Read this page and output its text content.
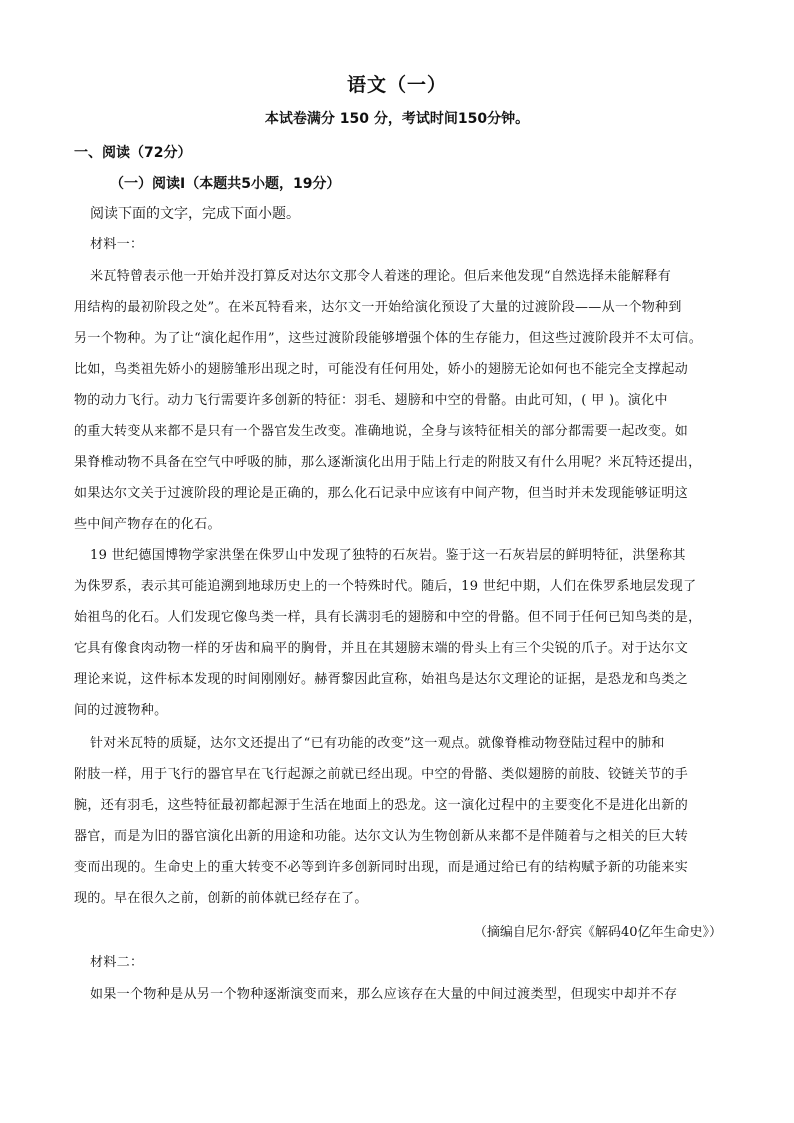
语文（一）
本试卷满分 150 分，考试时间150分钟。
一、阅读（72分）
（一）阅读Ⅰ（本题共5小题，19分）
阅读下面的文字，完成下面小题。
材料一：
米瓦特曾表示他一开始并没打算反对达尔文那令人着迷的理论。但后来他发现“自然选择未能解释有
用结构的最初阶段之处”。在米瓦特看来，达尔文一开始给演化预设了大量的过渡阶段——从一个物种到
另一个物种。为了让“演化起作用”，这些过渡阶段能够增强个体的生存能力，但这些过渡阶段并不太可信。
比如，鸟类祖先娇小的翅膀雏形出现之时，可能没有任何用处，娇小的翅膀无论如何也不能完全支撑起动
物的动力飞行。动力飞行需要许多创新的特征：羽毛、翅膀和中空的骨骼。由此可知，( 甲 )。演化中
的重大转变从来都不是只有一个器官发生改变。准确地说，全身与该特征相关的部分都需要一起改变。如
果脊椎动物不具备在空气中呼吸的肺，那么逐渐演化出用于陆上行走的附肢又有什么用呢？米瓦特还提出，
如果达尔文关于过渡阶段的理论是正确的，那么化石记录中应该有中间产物，但当时并未发现能够证明这
些中间产物存在的化石。
19 世纪德国博物学家洪堡在侏罗山中发现了独特的石灰岩。鉴于这一石灰岩层的鲜明特征，洪堡称其
为侏罗系，表示其可能追溯到地球历史上的一个特殊时代。随后，19 世纪中期，人们在侏罗系地层发现了
始祖鸟的化石。人们发现它像鸟类一样，具有长满羽毛的翅膀和中空的骨骼。但不同于任何已知鸟类的是，
它具有像食肉动物一样的牙齿和扁平的胸骨，并且在其翅膀末端的骨头上有三个尖锐的爪子。对于达尔文
理论来说，这件标本发现的时间刚刚好。赫胥黎因此宣称，始祖鸟是达尔文理论的证据，是恐龙和鸟类之
间的过渡物种。
针对米瓦特的质疑，达尔文还提出了“已有功能的改变”这一观点。就像脊椎动物登陆过程中的肺和
附肢一样，用于飞行的器官早在飞行起源之前就已经出现。中空的骨骼、类似翅膀的前肢、铰链关节的手
腕，还有羽毛，这些特征最初都起源于生活在地面上的恐龙。这一演化过程中的主要变化不是进化出新的
器官，而是为旧的器官演化出新的用途和功能。达尔文认为生物创新从来都不是伴随着与之相关的巨大转
变而出现的。生命史上的重大转变不必等到许多创新同时出现，而是通过给已有的结构赋予新的功能来实
现的。早在很久之前，创新的前体就已经存在了。
（摘编自尼尔·舒宾《解码40亿年生命史》）
材料二：
如果一个物种是从另一个物种逐渐演变而来，那么应该存在大量的中间过渡类型，但现实中却并不存
